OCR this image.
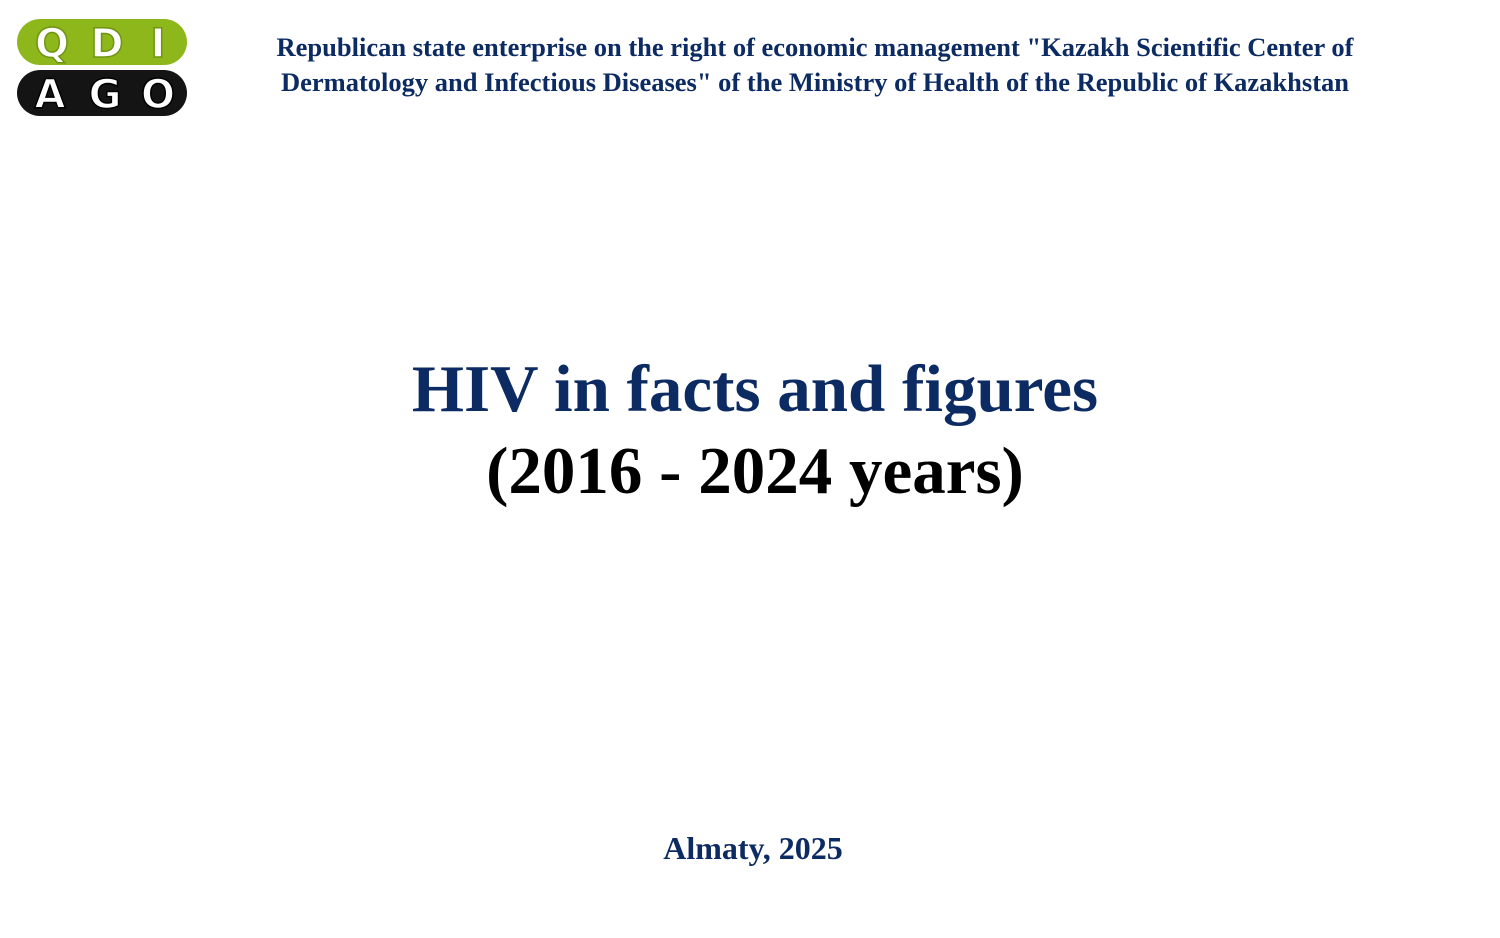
Q D I
A G O
Republican state enterprise on the right of economic management "Kazakh Scientific Center of
Dermatology and Infectious Diseases" of the Ministry of Health of the Republic of Kazakhstan
HIV in facts and figures
(2016 - 2024 years)
Almaty, 2025
